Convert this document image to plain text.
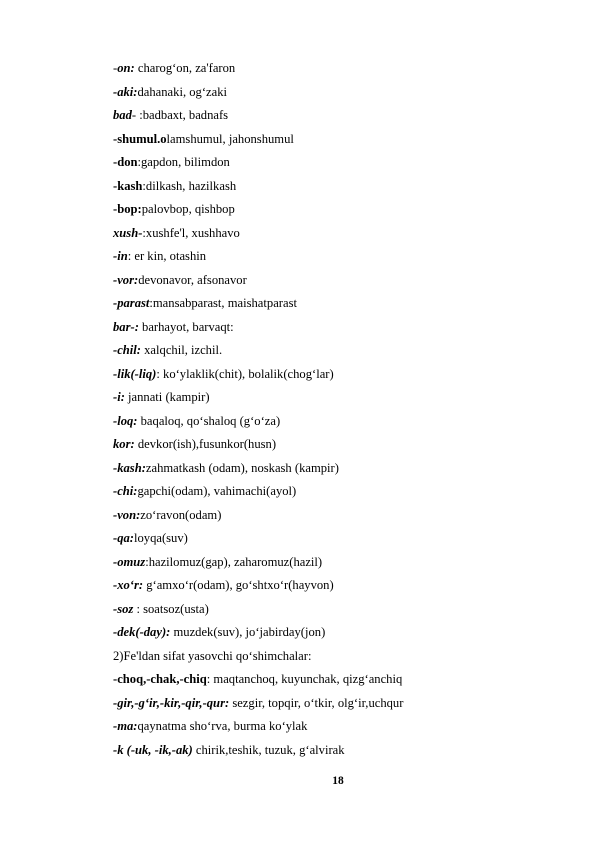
-on: charog‘on, za'faron
-aki:dahanaki, og‘zaki
bad- :badbaxt, badnafs
-shumul.olamshumul, jahonshumul
-don:gapdon, bilimdon
-kash:dilkash, hazilkash
-bop:palovbop, qishbop
xush-:xushfe'l, xushhavo
-in: er kin, otashin
-vor:devonavor, afsonavor
-parast:mansabparast, maishatparast
bar-: barhayot, barvaqt:
-chil: xalqchil, izchil.
-lik(-liq): ko‘ylaklik(chit), bolalik(chog‘lar)
-i: jannati (kampir)
-loq: baqaloq, qo‘shaloq (g‘o‘za)
kor: devkor(ish),fusunkor(husn)
-kash:zahmatkash (odam), noskash (kampir)
-chi:gapchi(odam), vahimachi(ayol)
-von:zo‘ravon(odam)
-qa:loyqa(suv)
-omuz:hazilomuz(gap), zaharomuz(hazil)
-xo‘r: g‘amxo‘r(odam), go‘shtxo‘r(hayvon)
-soz : soatsoz(usta)
-dek(-day): muzdek(suv), jo‘jabirday(jon)
2)Fe'ldan sifat yasovchi qo‘shimchalar:
-choq,-chak,-chiq: maqtanchoq, kuyunchak, qizg‘anchiq
-gir,-g‘ir,-kir,-qir,-qur: sezgir, topqir, o‘tkir, olg‘ir,uchqur
-ma:qaynatma sho‘rva, burma ko‘ylak
-k (-uk, -ik,-ak) chirik,teshik, tuzuk, g‘alvirak
18
